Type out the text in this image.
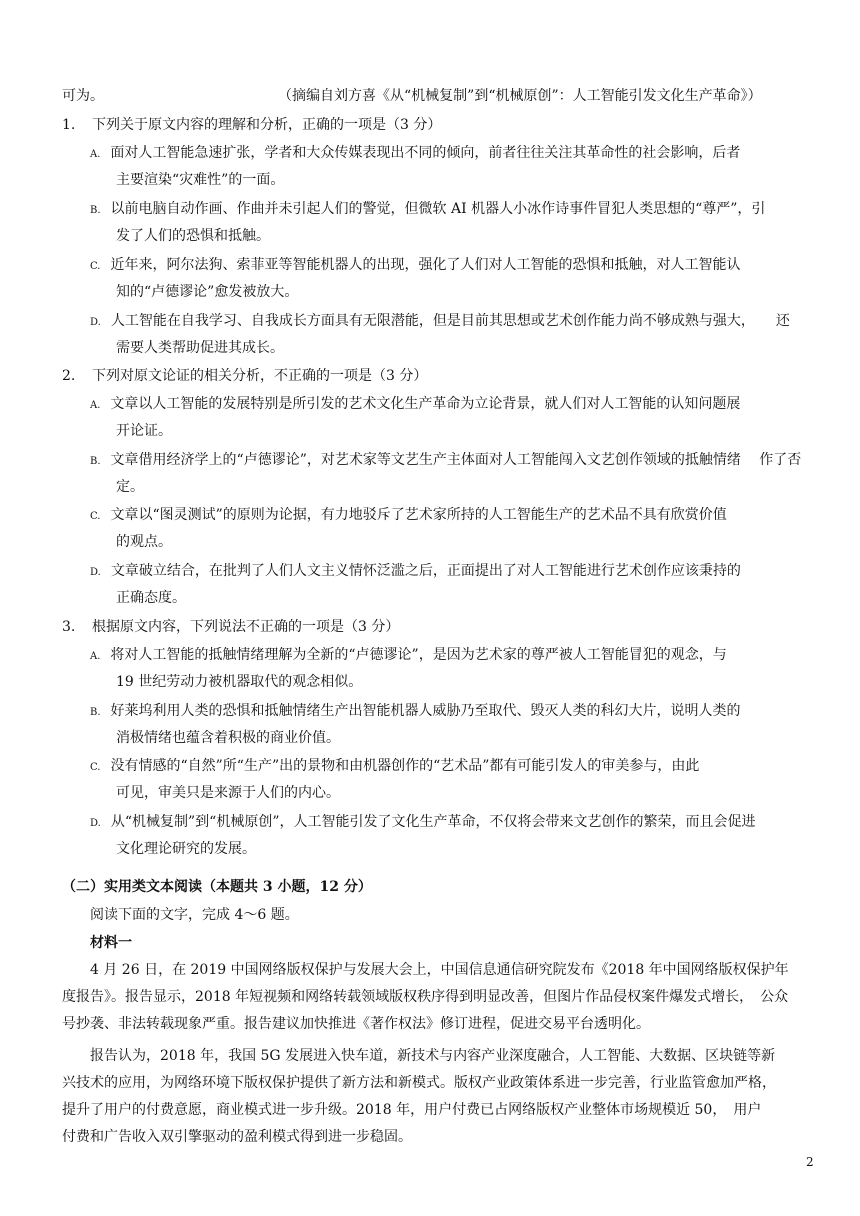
可为。	（摘编自刘方喜《从“机械复制”到“机械原创”：人工智能引发文化生产革命》）
1. 下列关于原文内容的理解和分析，正确的一项是（3 分）
A. 面对人工智能急速扩张，学者和大众传媒表现出不同的倾向，前者往往关注其革命性的社会影响，后者
主要渲染“灾难性”的一面。
B. 以前电脑自动作画、作曲并未引起人们的警觉，但微软 AI 机器人小冰作诗事件冒犯人类思想的“尊严”，引
发了人们的恐惧和抵触。
C. 近年来，阿尔法狗、索菲亚等智能机器人的出现，强化了人们对人工智能的恐惧和抵触，对人工智能认
知的“卢德谬论”愈发被放大。
D. 人工智能在自我学习、自我成长方面具有无限潜能，但是目前其思想或艺术创作能力尚不够成熟与强大，　　还
需要人类帮助促进其成长。
2. 下列对原文论证的相关分析，不正确的一项是（3 分）
A. 文章以人工智能的发展特别是所引发的艺术文化生产革命为立论背景，就人们对人工智能的认知问题展
开论证。
B. 文章借用经济学上的“卢德谬论”，对艺术家等文艺生产主体面对人工智能闯入文艺创作领域的抵触情绪　 作了否
定。
C. 文章以“图灵测试”的原则为论据，有力地驳斥了艺术家所持的人工智能生产的艺术品不具有欣赏价值
的观点。
D. 文章破立结合，在批判了人们人文主义情怀泛滥之后，正面提出了对人工智能进行艺术创作应该秉持的
正确态度。
3. 根据原文内容，下列说法不正确的一项是（3 分）
A. 将对人工智能的抵触情绪理解为全新的“卢德谬论”，是因为艺术家的尊严被人工智能冒犯的观念，与
19 世纪劳动力被机器取代的观念相似。
B. 好莱坞利用人类的恐惧和抵触情绪生产出智能机器人威胁乃至取代、毁灭人类的科幻大片，说明人类的
消极情绪也蕴含着积极的商业价值。
C. 没有情感的“自然”所“生产”出的景物和由机器创作的“艺术品”都有可能引发人的审美参与，由此
可见，审美只是来源于人们的内心。
D. 从“机械复制”到“机械原创”，人工智能引发了文化生产革命，不仅将会带来文艺创作的繁荣，而且会促进
文化理论研究的发展。
（二）实用类文本阅读（本题共 3 小题，12 分）
阅读下面的文字，完成 4～6 题。
材料一
4 月 26 日，在 2019 中国网络版权保护与发展大会上，中国信息通信研究院发布《2018 年中国网络版权保护年
度报告》。报告显示，2018 年短视频和网络转载领域版权秩序得到明显改善，但图片作品侵权案件爆发式增长，　公众
号抄袭、非法转载现象严重。报告建议加快推进《著作权法》修订进程，促进交易平台透明化。
报告认为，2018 年，我国 5G 发展进入快车道，新技术与内容产业深度融合，人工智能、大数据、区块链等新
兴技术的应用，为网络环境下版权保护提供了新方法和新模式。版权产业政策体系进一步完善，行业监管愈加严格，
提升了用户的付费意愿，商业模式进一步升级。2018 年，用户付费已占网络版权产业整体市场规模近 50，　用户
付费和广告收入双引擎驱动的盈利模式得到进一步稳固。
2
